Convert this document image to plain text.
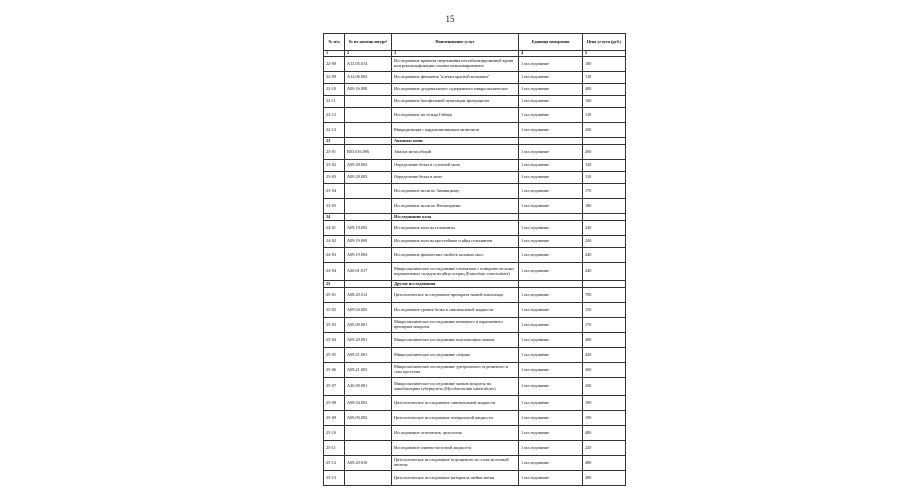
15
№ п/п	№ по номенклатуре¹	Наименование услуг	Единица измерения	Цена услуги (руб.)
1	2	3	4	5
22-08	A12.05.014	Исследование времени свертывания нестабилизированной крови или рекальцификации плазмы неактивированное	1 исследование	180
22-09	A12.06.003	Исследование феномена "клетки красной волчанки"	1 исследование	110
22-10	A09.16.008	Исследование дуоденального содержимого микроскопическое	1 исследование	400
22-11		Исследование базофильной пунктации эритроцитов	1 исследование	160
22-12		Исследование на тельца Гейнца	1 исследование	110
22-13		Микрореакция с кардиолипиновым антигеном	1 исследование	200
23		Анализы мочи		
23-01	B03.016.006	Анализ мочи общий	1 исследование	260
23-02	A09.28.003	Определение белка в суточной моче	1 исследование	120
23-03	A09.28.003	Определение белка в моче	1 исследование	110
23-04		Исследование мочи по Зимницкому	1 исследование	170
23-05		Исследование мочи по Нечипоренко	1 исследование	180
24		Исследование кала		
24-01	A09.19.002	Исследование кала на гельминты	1 исследование	240
24-02	A09.19.009	Исследование кала на простейшие и яйца гельминтов	1 исследование	240
24-03	A09.19.004	Исследование физических свойств каловых масс	1 исследование	240
24-04	A26.01.017	Микроскопическое исследование отпечатков с поверхности кожи перианальных складок на яйца остриц (Enterobius vermicularis)	1 исследование	240
25		Другие исследования		
25-01	A08.20.012	Цитологическое исследование препарата тканей влагалища	1 исследование	700
25-02	A09.04.005	Исследование уровня белка в синовиальной жидкости	1 исследование	150
25-03	A09.09.001	Микроскопическое исследование нативного и окрашенного препарата мокроты	1 исследование	170
25-04	A09.20.001	Микроскопическое исследование влагалищных мазков	1 исследование	480
25-05	A09.21.001	Микроскопическое исследование спермы	1 исследование	420
25-06	A09.21.003	Микроскопическое исследование уретрального отделяемого и сока простаты	1 исследование	360
25-07	A26.09.001	Микроскопическое исследование мазков мокроты на микобактерии туберкулеза (Mycobacterium tuberculosis)	1 исследование	200
25-08	A09.04.002	Цитологическое исследование синовиальной жидкости	1 исследование	190
25-09	A09.09.002	Цитологическое исследование плевральной жидкости	1 исследование	190
25-10		Исследование отпечатков, цитология	1 исследование	480
25-11		Исследование спинно-мозговой жидкости	1 исследование	220
25-12	A09.20.010	Цитологическое исследование отделяемого из соска молочной железы	1 исследование	480
25-13		Цитологическое исследование материала шейки матки	1 исследование	480
